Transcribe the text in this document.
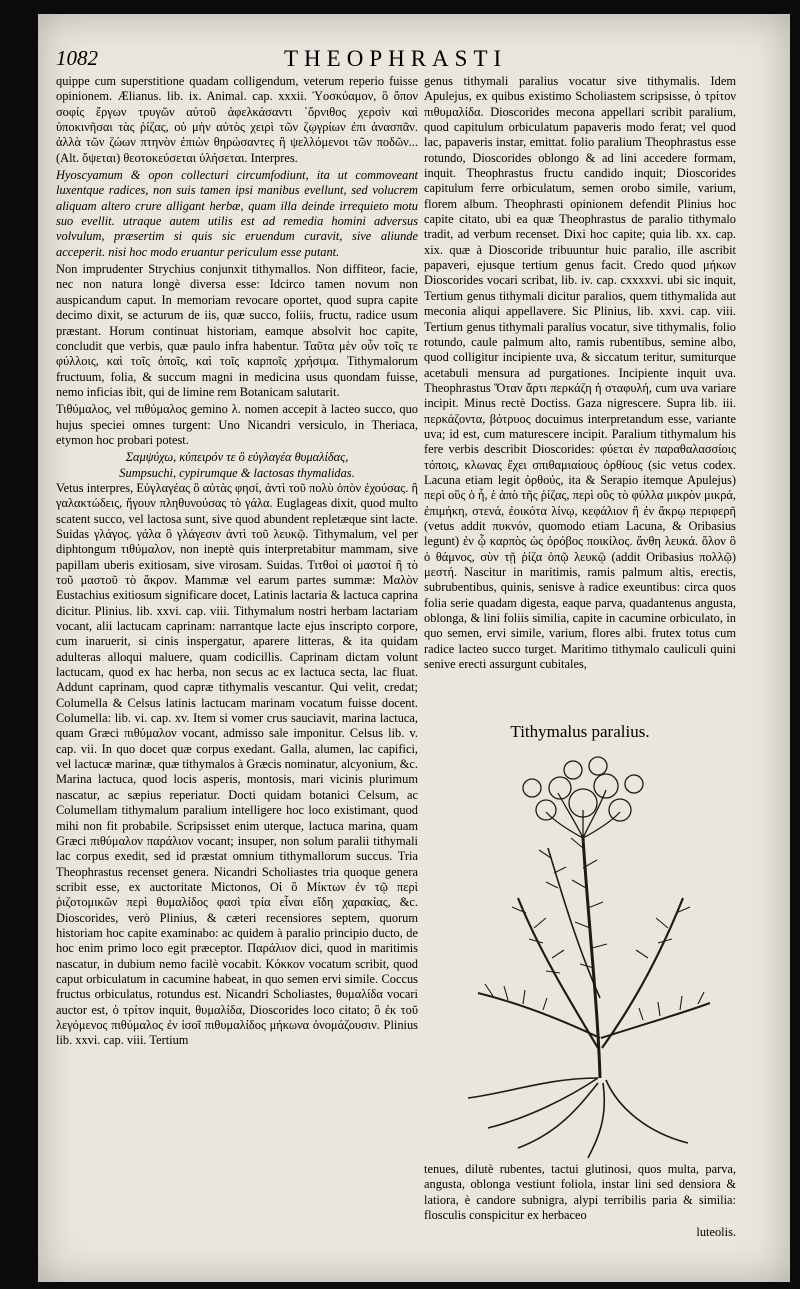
1082	THEOPHRASTI

quippe cum superstitione quadam colligendum, veterum reperio fuisse opinionem. Ælianus. lib. ix. Animal. cap. xxxii. Ὑοσκύαμον, ὃ ὄπον σοφίς ἔργων τρυγῶν αὐτοῦ ἀφελκάσαντι ᾽ὄρνιθος χερσὶν καὶ ὑποκινῆσαι τὰς ῥίζας, οὐ μὴν αὐτὸς χειρὶ τῶν ζῳγρίων ἐπι ἀνασπᾶν. ἀλλὰ τῶν ζώων πτηνὸν ἐπιὼν θηρώσαντες ἢ ψελλόμενοι τῶν ποδῶν... (Alt. ὄψεται) θεοτοκεύσεται ὑλήσεται. Interpres.

Hyoscyamum & opon collecturi circumfodiunt, ita ut commoveant luxentque radices, non suis tamen ipsi manibus evellunt, sed volucrem aliquam altero crure alligant herbæ, quam illa deinde irrequieto motu suo evellit. utraque autem utilis est ad remedia homini adversus volvulum, præsertim si quis sic eruendum curavit, sive aliunde acceperit. nisi hoc modo eruantur periculum esse putant.

Non imprudenter Strychius conjunxit tithymallos. Non diffiteor, facie, nec non natura longè diversa esse: Idcirco tamen novum non auspicandum caput. In memoriam revocare oportet, quod supra capite decimo dixit, se acturum de iis, quæ succo, foliis, fructu, radice usum præstant. Horum continuat historiam, eamque absolvit hoc capite, concludit que verbis, quæ paulo infra habentur. Ταῦτα μὲν οὖν τοῖς τε φύλλοις, καὶ τοῖς ὀποῖς, καὶ τοῖς καρποῖς χρήσιμα. Tithymalorum fructuum, folia, & succum magni in medicina usus quondam fuisse, nemo inficias ibit, qui de limine rem Botanicam salutarit.

Τιθύμαλος, vel πιθύμαλος gemino λ. nomen accepit à lacteo succo, quo hujus speciei omnes turgent: Uno Nicandri versiculo, in Theriaca, etymon hoc probari potest.

Σαμψύχω, κύπειρόν τε ὃ εὐγλαγέα θυμαλίδας,
Sumpsuchi, cypirumque & lactosas thymalidas.

Vetus interpres, Εὐγλαγέας ὃ αὐτὰς φησί, ἀντὶ τοῦ πολὺ ὀπὸν ἐχούσας. ἢ γαλακτώδεις, ἤγουν πληθυνούσας τὸ γάλα. Euglageas dixit, quod multo scatent succo, vel lactosa sunt, sive quod abundent repletæque sint lacte. Suidas γλάγος. γάλα ὃ γλάγεσιν ἀντὶ τοῦ λευκῷ. Tithymalum, vel per diphtongum τιθύμαλον, non ineptè quis interpretabitur mammam, sive papillam uberis exitiosam, sive virosam. Suidas. Τιτθοί οἱ μαστοί ἢ τὸ τοῦ μαστοῦ τὸ ἄκρον. Mammæ vel earum partes summæ: Μαλὸν Eustachius exitiosum significare docet, Latinis lactaria & lactuca caprina dicitur. Plinius. lib. xxvi. cap. viii. Tithymalum nostri herbam lactariam vocant, alii lactucam caprinam: narrantque lacte ejus inscripto corpore, cum inaruerit, si cinis inspergatur, aparere litteras, & ita quidam adulteras alloqui maluere, quam codicillis. Caprinam dictam volunt lactucam, quod ex hac herba, non secus ac ex lactuca secta, lac fluat. Addunt caprinam, quod capræ tithymalis vescantur. Qui velit, credat; Columella & Celsus latinis lactucam marinam vocatum fuisse docent. Columella: lib. vi. cap. xv. Item si vomer crus sauciavit, marina lactuca, quam Græci πιθύμαλον vocant, admisso sale imponitur. Celsus lib. v. cap. vii. In quo docet quæ corpus exedant. Galla, alumen, lac capifici, vel lactucæ marinæ, quæ tithymalos à Græcis nominatur, alcyonium, &c. Marina lactuca, quod locis asperis, montosis, mari vicinis plurimum nascatur, ac sæpius reperiatur. Docti quidam botanici Celsum, ac Columellam tithymalum paralium intelligere hoc loco existimant, quod mihi non fit probabile. Scripsisset enim uterque, lactuca marina, quam Græci πιθύμαλον παράλιον vocant; insuper, non solum paralii tithymali lac corpus exedit, sed id præstat omnium tithymallorum succus. Tria Theophrastus recenset genera. Nicandri Scholiastes tria quoque genera scribit esse, ex auctoritate Mictonos, Οἱ ὃ Μίκτων ἐν τῷ περὶ ῥιζοτομικῶν περὶ θυμαλίδος φασὶ τρία εἶναι εἴδη χαρακίας, &c. Dioscorides, verò Plinius, & cæteri recensiores septem, quorum historiam hoc capite examinabo: ac quidem à paralio principio ducto, de hoc enim primo loco egit præceptor. Παράλιον dici, quod in maritimis nascatur, in dubium nemo facilè vocabit. Κόκκον vocatum scribit, quod caput orbiculatum in cacumine habeat, in quo semen ervi simile. Coccus fructus orbiculatus, rotundus est. Nicandri Scholiastes, θυμαλίδα vocari auctor est, ὁ τρίτον inquit, θυμαλίδα, Dioscorides loco citato; ὃ ἐκ τοῦ λεγόμενος πιθύμαλος ἐν ἰσοῖ πιθυμαλίδος μήκωνα ὀνομάζουσιν. Plinius lib. xxvi. cap. viii. Tertium

genus tithymali paralius vocatur sive tithymalis. Idem Apulejus, ex quibus existimo Scholiastem scripsisse, ὁ τρίτον πιθυμαλίδα. Dioscorides mecona appellari scribit paralium, quod capitulum orbiculatum papaveris modo ferat; vel quod lac, papaveris instar, emittat. folio paralium Theophrastus esse rotundo, Dioscorides oblongo & ad lini accedere formam, inquit. Theophrastus fructu candido inquit; Dioscorides capitulum ferre orbiculatum, semen orobo simile, varium, florem album. Theophrasti opinionem defendit Plinius hoc capite citato, ubi ea quæ Theophrastus de paralio tithymalo tradit, ad verbum recenset. Dixi hoc capite; quia lib. xx. cap. xix. quæ à Dioscoride tribuuntur huic paralio, ille ascribit papaveri, ejusque tertium genus facit. Credo quod μήκων Dioscorides vocari scribat, lib. iv. cap. cxxxxvi. ubi sic inquit, Tertium genus tithymali dicitur paralios, quem tithymalida aut meconia aliqui appellavere. Sic Plinius, lib. xxvi. cap. viii. Tertium genus tithymali paralius vocatur, sive tithymalis, folio rotundo, caule palmum alto, ramis rubentibus, semine albo, quod colligitur incipiente uva, & siccatum teritur, sumiturque acetabuli mensura ad purgationes. Incipiente inquit uva. Theophrastus Ὅταν ἄρτι περκάζη ἡ σταφυλή, cum uva variare incipit. Minus rectè Doctiss. Gaza nigrescere. Supra lib. iii. περκάζοντα, βότρυος docuimus interpretandum esse, variante uva; id est, cum maturescere incipit. Paralium tithymalum his fere verbis describit Dioscorides: φύεται ἐν παραθαλασσίοις τόποις, κλωνας ἔχει σπιθαμιαίους ὀρθίους (sic vetus codex. Lacuna etiam legit ὀρθούς, ita & Serapio itemque Apulejus) περὶ οὓς ὁ ἧ, ἑ ἀπὸ τῆς ῥίζας, περὶ οὓς τὸ φύλλα μικρὸν μικρά, ἐπιμήκη, στενά, ἐοικότα λίνῳ, κεφάλιον ἢ ἐν ἄκρῳ περιφερῆ (vetus addit πυκνόν, quomodo etiam Lacuna, & Oribasius legunt) ἐν ᾧ καρπὸς ὡς ὀρόβος ποικίλος. ἄνθη λευκά. ὅλον ὃ ὁ θάμνος, σὺν τῇ ῥίζα ὀπῷ λευκῷ (addit Oribasius πολλῷ) μεστή. Nascitur in maritimis, ramis palmum altis, erectis, subrubentibus, quinis, senisve à radice exeuntibus: circa quos folia serie quadam digesta, eaque parva, quadantenus angusta, oblonga, & lini foliis similia, capite in cacumine orbiculato, in quo semen, ervi simile, varium, flores albi. frutex totus cum radice lacteo succo turget. Maritimo tithymalo cauliculi quini senive erecti assurgunt cubitales,

Tithymalus paralius.

tenues, dilutè rubentes, tactui glutinosi, quos multa, parva, angusta, oblonga vestiunt foliola, instar lini sed densiora & latiora, è candore subnigra, alypi terribilis paria & similia: flosculis conspicitur ex herbaceo

luteolis.
